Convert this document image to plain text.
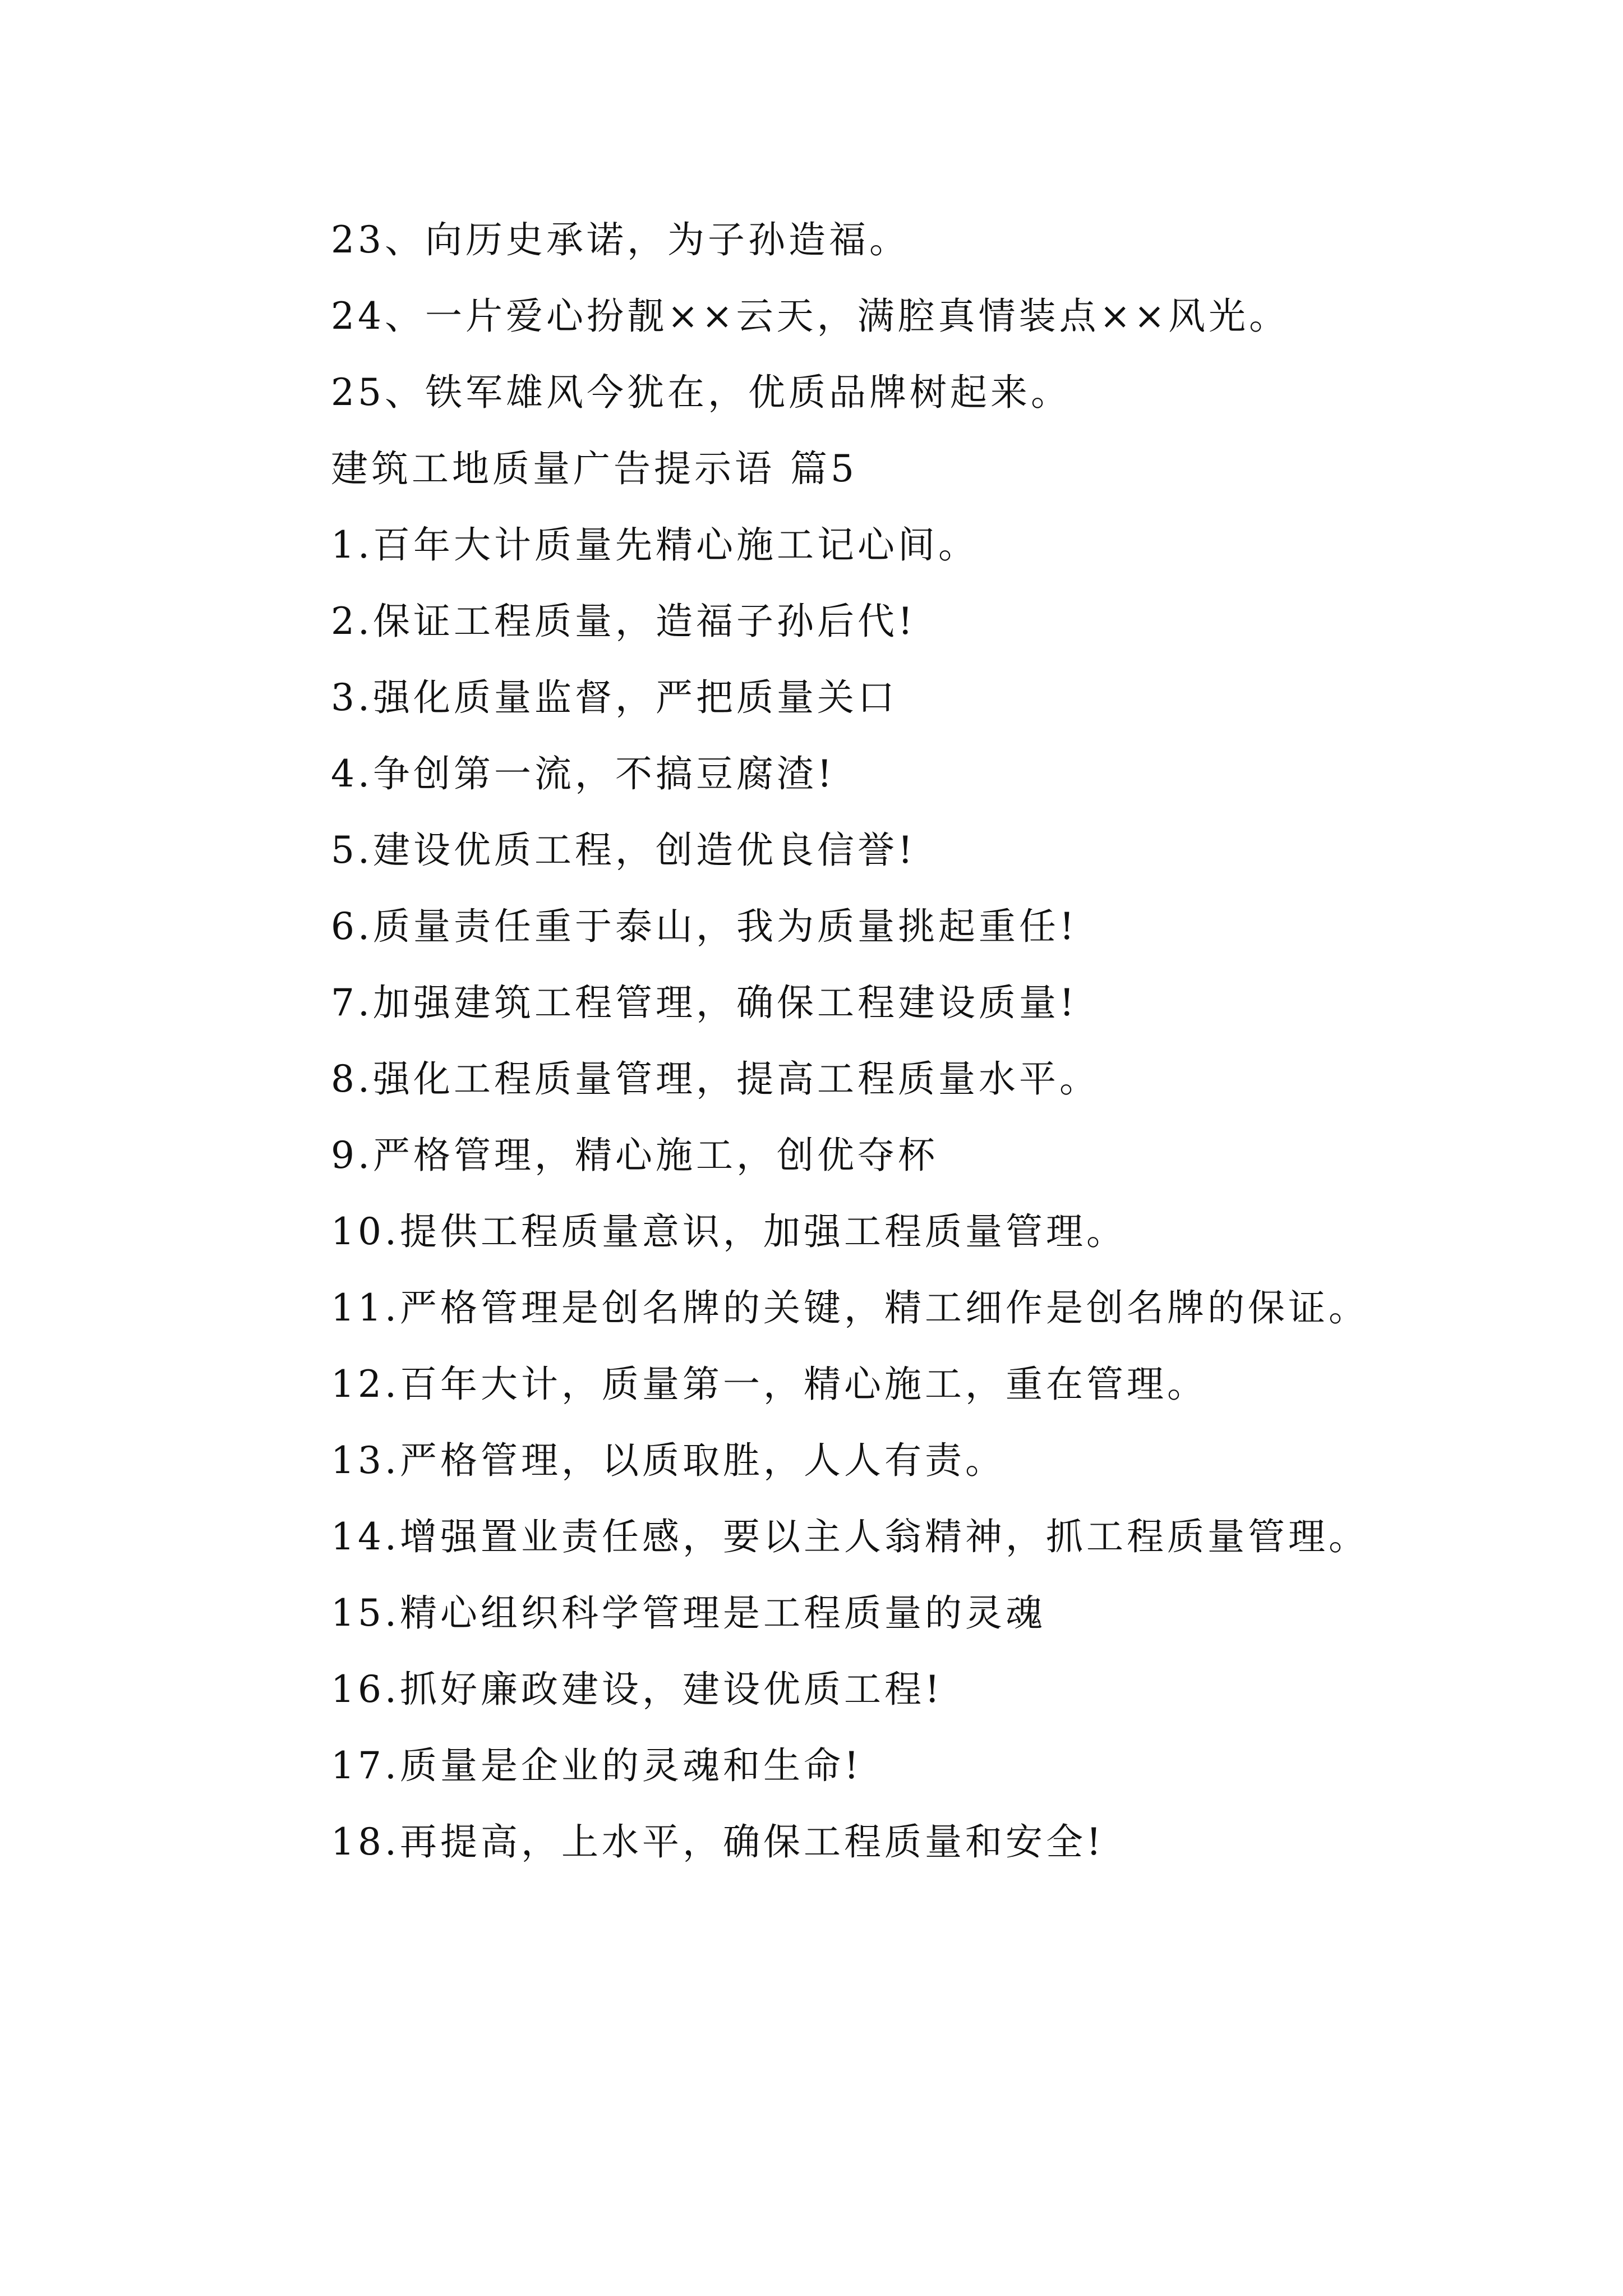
23、向历史承诺，为子孙造福。

24、一片爱心扮靓××云天，满腔真情装点××风光。

25、铁军雄风今犹在，优质品牌树起来。

建筑工地质量广告提示语 篇5

1.百年大计质量先精心施工记心间。

2.保证工程质量，造福子孙后代!

3.强化质量监督，严把质量关口

4.争创第一流，不搞豆腐渣!

5.建设优质工程，创造优良信誉!

6.质量责任重于泰山，我为质量挑起重任!

7.加强建筑工程管理，确保工程建设质量!

8.强化工程质量管理，提高工程质量水平。

9.严格管理，精心施工，创优夺杯

10.提供工程质量意识，加强工程质量管理。

11.严格管理是创名牌的关键，精工细作是创名牌的保证。

12.百年大计，质量第一，精心施工，重在管理。

13.严格管理，以质取胜，人人有责。

14.增强置业责任感，要以主人翁精神，抓工程质量管理。

15.精心组织科学管理是工程质量的灵魂

16.抓好廉政建设，建设优质工程!

17.质量是企业的灵魂和生命!

18.再提高，上水平，确保工程质量和安全!
